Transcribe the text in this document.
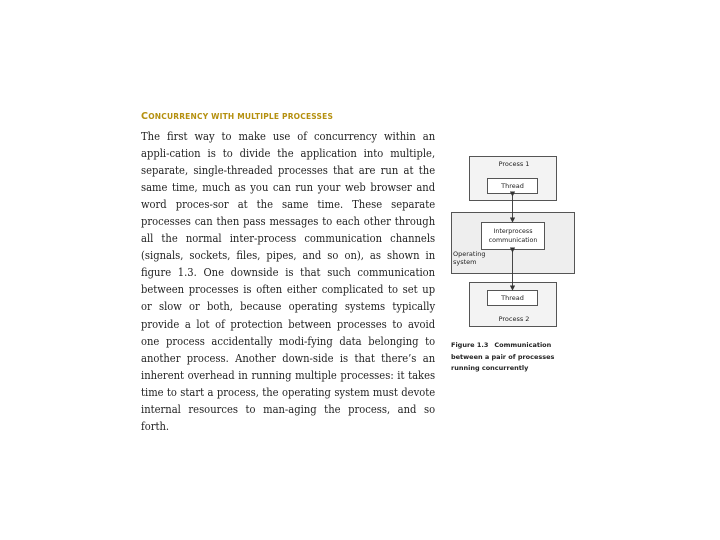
CONCURRENCY WITH MULTIPLE PROCESSES

The first way to make use of concurrency within an appli-cation is to divide the application into multiple, separate, single-threaded processes that are run at the same time, much as you can run your web browser and word proces-sor at the same time. These separate processes can then pass messages to each other through all the normal inter-process communication channels (signals, sockets, files, pipes, and so on), as shown in figure 1.3. One downside is that such communication between processes is often either complicated to set up or slow or both, because operating systems typically provide a lot of protection between processes to avoid one process accidentally modi-fying data belonging to another process. Another down-side is that there’s an inherent overhead in running multiple processes: it takes time to start a process, the operating system must devote internal resources to man-aging the process, and so forth.

Process 1
Thread
Interprocess
communication
Operating
system
Process 2
Thread
Figure 1.3 Communication between a pair of processes running concurrently
